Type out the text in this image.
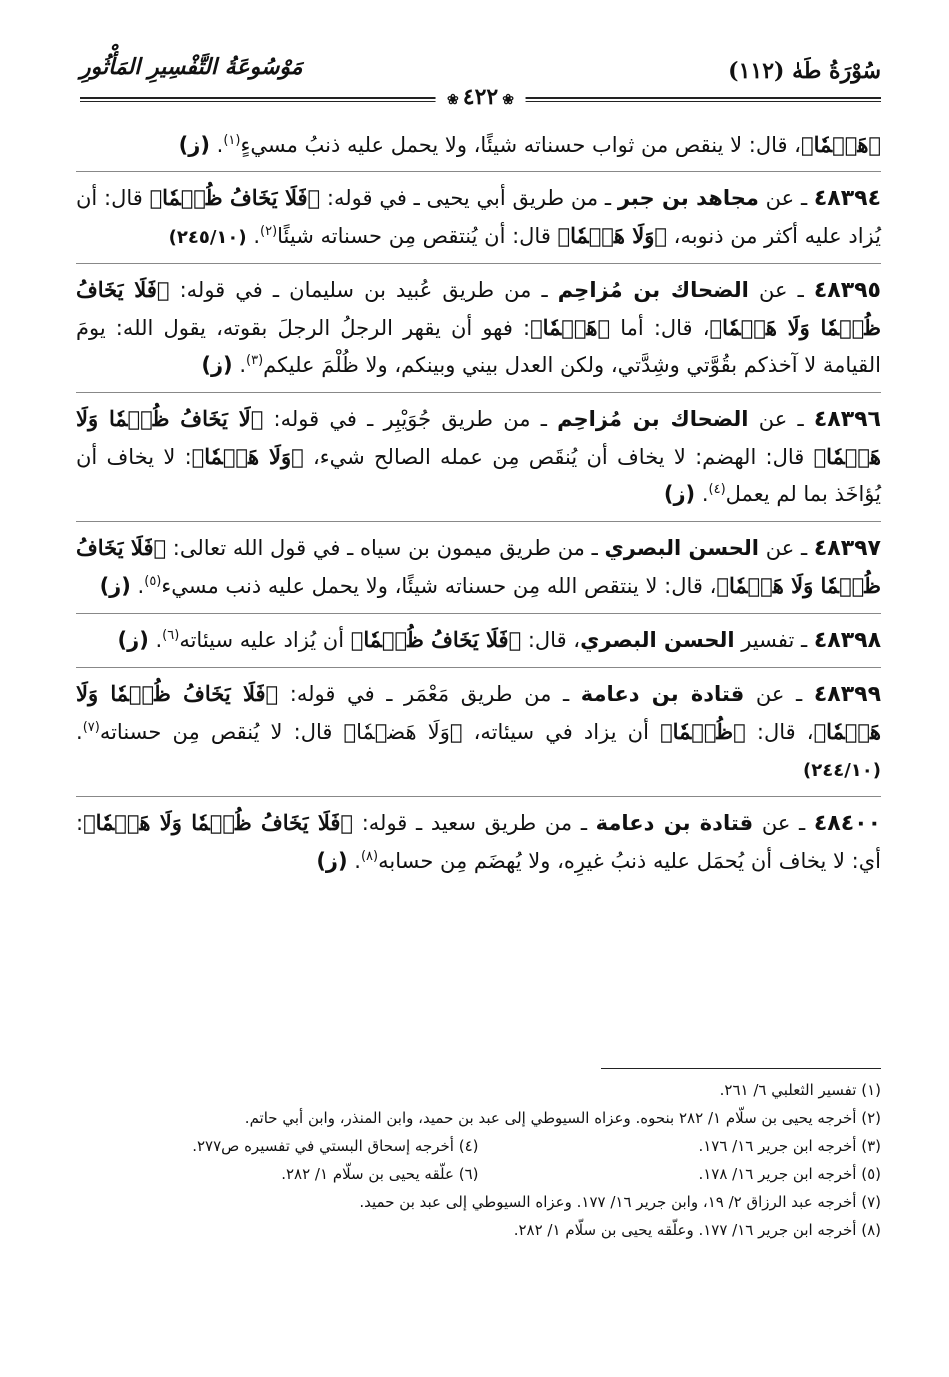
سُوْرَةُ طَهٰ (١١٢)
مَوْسُوعَةُ التَّفْسِيرِ المَأْثُورِ
❀٤٢٢❀

﴿هَضۡمٗا﴾، قال: لا ينقص من ثواب حسناته شيئًا، ولا يحمل عليه ذنبُ مسيءٍ$^{(١)}$. (ز)

٤٨٣٩٤ ـ عن مجاهد بن جبر ـ من طريق أبي يحيى ـ في قوله: ﴿فَلَا يَخَافُ ظُلۡمٗا﴾ قال: أن يُزاد عليه أكثر من ذنوبه، ﴿وَلَا هَضۡمٗا﴾ قال: أن يُنتقص مِن حسناته شيئًا$^{(٢)}$. (٢٤٥/١٠)

٤٨٣٩٥ ـ عن الضحاك بن مُزاحِم ـ من طريق عُبيد بن سليمان ـ في قوله: ﴿فَلَا يَخَافُ ظُلۡمٗا وَلَا هَضۡمٗا﴾، قال: أما ﴿هَضۡمٗا﴾: فهو أن يقهر الرجلُ الرجلَ بقوته، يقول الله: يومَ القيامة لا آخذكم بقُوَّتي وشِدَّتي، ولكن العدل بيني وبينكم، ولا ظُلْمَ عليكم$^{(٣)}$. (ز)

٤٨٣٩٦ ـ عن الضحاك بن مُزاحِم ـ من طريق جُوَيْبِر ـ في قوله: ﴿لَا يَخَافُ ظُلۡمٗا وَلَا هَضۡمٗا﴾ قال: الهضم: لا يخاف أن يُنقَص مِن عمله الصالح شيء، ﴿وَلَا هَضۡمٗا﴾: لا يخاف أن يُؤاخَذ بما لم يعمل$^{(٤)}$. (ز)

٤٨٣٩٧ ـ عن الحسن البصري ـ من طريق ميمون بن سياه ـ في قول الله تعالى: ﴿فَلَا يَخَافُ ظُلۡمٗا وَلَا هَضۡمٗا﴾، قال: لا ينتقص الله مِن حسناته شيئًا، ولا يحمل عليه ذنب مسيء$^{(٥)}$. (ز)

٤٨٣٩٨ ـ تفسير الحسن البصري، قال: ﴿فَلَا يَخَافُ ظُلۡمٗا﴾ أن يُزاد عليه سيئاته$^{(٦)}$. (ز)

٤٨٣٩٩ ـ عن قتادة بن دعامة ـ من طريق مَعْمَر ـ في قوله: ﴿فَلَا يَخَافُ ظُلۡمٗا وَلَا هَضۡمٗا﴾، قال: ﴿ظُلۡمٗا﴾ أن يزاد في سيئاته، ﴿وَلَا هَضۡمٗا﴾ قال: لا يُنقص مِن حسناته$^{(٧)}$. (٢٤٤/١٠)

٤٨٤٠٠ ـ عن قتادة بن دعامة ـ من طريق سعيد ـ قوله: ﴿فَلَا يَخَافُ ظُلۡمٗا وَلَا هَضۡمٗا﴾: أي: لا يخاف أن يُحمَل عليه ذنبُ غيرِه، ولا يُهضَم مِن حسابه$^{(٨)}$. (ز)

(١) تفسير الثعلبي ٦/ ٢٦١.

(٢) أخرجه يحيى بن سلّام ١/ ٢٨٢ بنحوه. وعزاه السيوطي إلى عبد بن حميد، وابن المنذر، وابن أبي حاتم.

(٣) أخرجه ابن جرير ١٦/ ١٧٦.

(٤) أخرجه إسحاق البستي في تفسيره ص٢٧٧.

(٥) أخرجه ابن جرير ١٦/ ١٧٨.

(٦) علّقه يحيى بن سلّام ١/ ٢٨٢.

(٧) أخرجه عبد الرزاق ٢/ ١٩، وابن جرير ١٦/ ١٧٧. وعزاه السيوطي إلى عبد بن حميد.

(٨) أخرجه ابن جرير ١٦/ ١٧٧. وعلّقه يحيى بن سلّام ١/ ٢٨٢.
